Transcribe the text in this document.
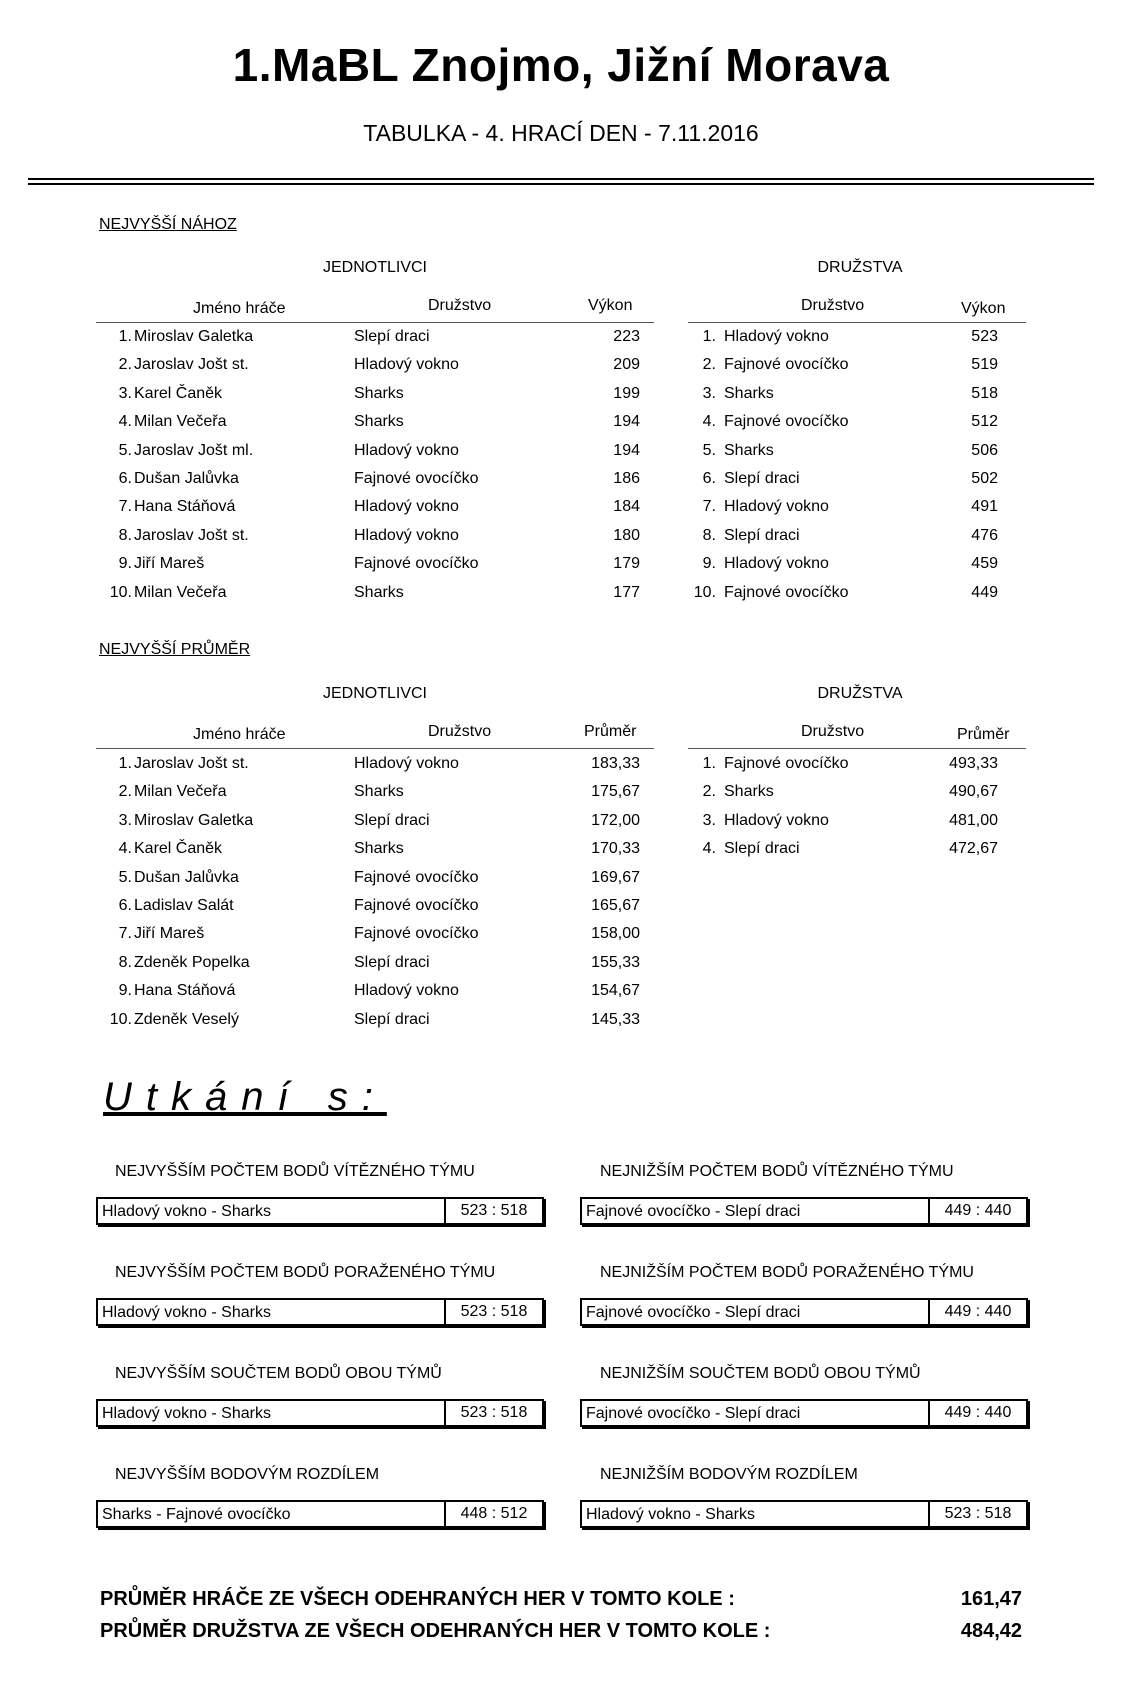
1.MaBL Znojmo, Jižní Morava
TABULKA - 4. HRACÍ DEN - 7.11.2016
NEJVYŠŠÍ NÁHOZ
JEDNOTLIVCI
Jméno hráče	Družstvo	Výkon
1. Miroslav Galetka	Slepí draci	223
2. Jaroslav Jošt st.	Hladový vokno	209
3. Karel Čaněk	Sharks	199
4. Milan Večeřa	Sharks	194
5. Jaroslav Jošt ml.	Hladový vokno	194
6. Dušan Jalůvka	Fajnové ovocíčko	186
7. Hana Stáňová	Hladový vokno	184
8. Jaroslav Jošt st.	Hladový vokno	180
9. Jiří Mareš	Fajnové ovocíčko	179
10. Milan Večeřa	Sharks	177
DRUŽSTVA
Družstvo	Výkon
1. Hladový vokno	523
2. Fajnové ovocíčko	519
3. Sharks	518
4. Fajnové ovocíčko	512
5. Sharks	506
6. Slepí draci	502
7. Hladový vokno	491
8. Slepí draci	476
9. Hladový vokno	459
10. Fajnové ovocíčko	449
NEJVYŠŠÍ PRŮMĚR
JEDNOTLIVCI
Jméno hráče	Družstvo	Průměr
1. Jaroslav Jošt st.	Hladový vokno	183,33
2. Milan Večeřa	Sharks	175,67
3. Miroslav Galetka	Slepí draci	172,00
4. Karel Čaněk	Sharks	170,33
5. Dušan Jalůvka	Fajnové ovocíčko	169,67
6. Ladislav Salát	Fajnové ovocíčko	165,67
7. Jiří Mareš	Fajnové ovocíčko	158,00
8. Zdeněk Popelka	Slepí draci	155,33
9. Hana Stáňová	Hladový vokno	154,67
10. Zdeněk Veselý	Slepí draci	145,33
DRUŽSTVA
Družstvo	Průměr
1. Fajnové ovocíčko	493,33
2. Sharks	490,67
3. Hladový vokno	481,00
4. Slepí draci	472,67
Utkání s:
NEJVYŠŠÍM POČTEM BODŮ VÍTĚZNÉHO TÝMU
Hladový vokno - Sharks	523 : 518
NEJNIŽŠÍM POČTEM BODŮ VÍTĚZNÉHO TÝMU
Fajnové ovocíčko - Slepí draci	449 : 440
NEJVYŠŠÍM POČTEM BODŮ PORAŽENÉHO TÝMU
Hladový vokno - Sharks	523 : 518
NEJNIŽŠÍM POČTEM BODŮ PORAŽENÉHO TÝMU
Fajnové ovocíčko - Slepí draci	449 : 440
NEJVYŠŠÍM SOUČTEM BODŮ OBOU TÝMŮ
Hladový vokno - Sharks	523 : 518
NEJNIŽŠÍM SOUČTEM BODŮ OBOU TÝMŮ
Fajnové ovocíčko - Slepí draci	449 : 440
NEJVYŠŠÍM BODOVÝM ROZDÍLEM
Sharks - Fajnové ovocíčko	448 : 512
NEJNIŽŠÍM BODOVÝM ROZDÍLEM
Hladový vokno - Sharks	523 : 518
PRŮMĚR HRÁČE ZE VŠECH ODEHRANÝCH HER V TOMTO KOLE :	161,47
PRŮMĚR DRUŽSTVA ZE VŠECH ODEHRANÝCH HER V TOMTO KOLE :	484,42
